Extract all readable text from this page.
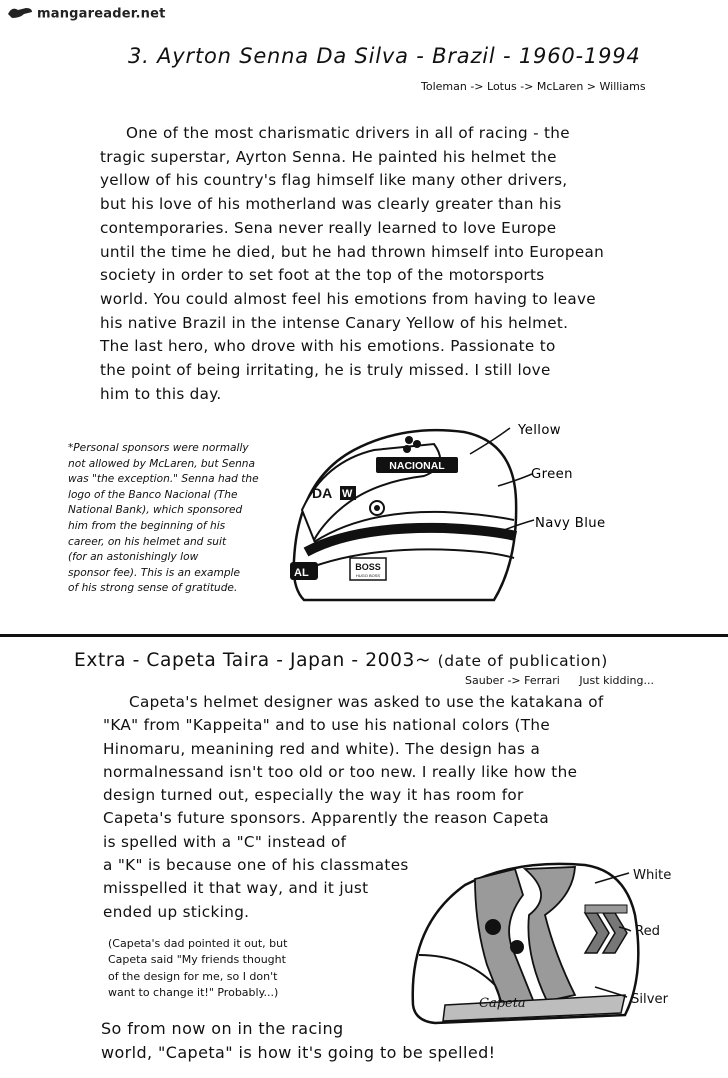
mangareader.net
3. Ayrton Senna Da Silva - Brazil - 1960-1994
Toleman -> Lotus -> McLaren > Williams
One of the most charismatic drivers in all of racing - the
tragic superstar, Ayrton Senna. He painted his helmet the
yellow of his country's flag himself like many other drivers,
but his love of his motherland was clearly greater than his
contemporaries. Sena never really learned to love Europe
until the time he died, but he had thrown himself into European
society in order to set foot at the top of the motorsports
world. You could almost feel his emotions from having to leave
his native Brazil in the intense Canary Yellow of his helmet.
The last hero, who drove with his emotions. Passionate to
the point of being irritating, he is truly missed. I still love
him to this day.
*Personal sponsors were normally
not allowed by McLaren, but Senna
was "the exception." Senna had the
logo of the Banco Nacional (The
National Bank), which sponsored
him from the beginning of his
career, on his helmet and suit
(for an astonishingly low
sponsor fee). This is an example
of his strong sense of gratitude.
NACIONAL
DA W
AL	BOSS
HUGO BOSS
Yellow
Green
Navy Blue
Extra - Capeta Taira - Japan - 2003~ (date of publication)
Sauber -> Ferrari Just kidding...
Capeta's helmet designer was asked to use the katakana of
"KA" from "Kappeita" and to use his national colors (The
Hinomaru, meanining red and white). The design has a
normalnessand isn't too old or too new. I really like how the
design turned out, especially the way it has room for
Capeta's future sponsors. Apparently the reason Capeta
is spelled with a "C" instead of
a "K" is because one of his classmates
misspelled it that way, and it just
ended up sticking.
(Capeta's dad pointed it out, but
Capeta said "My friends thought
of the design for me, so I don't
want to change it!" Probably...)
So from now on in the racing
world, "Capeta" is how it's going to be spelled!
Capeta
White
Red
Silver
